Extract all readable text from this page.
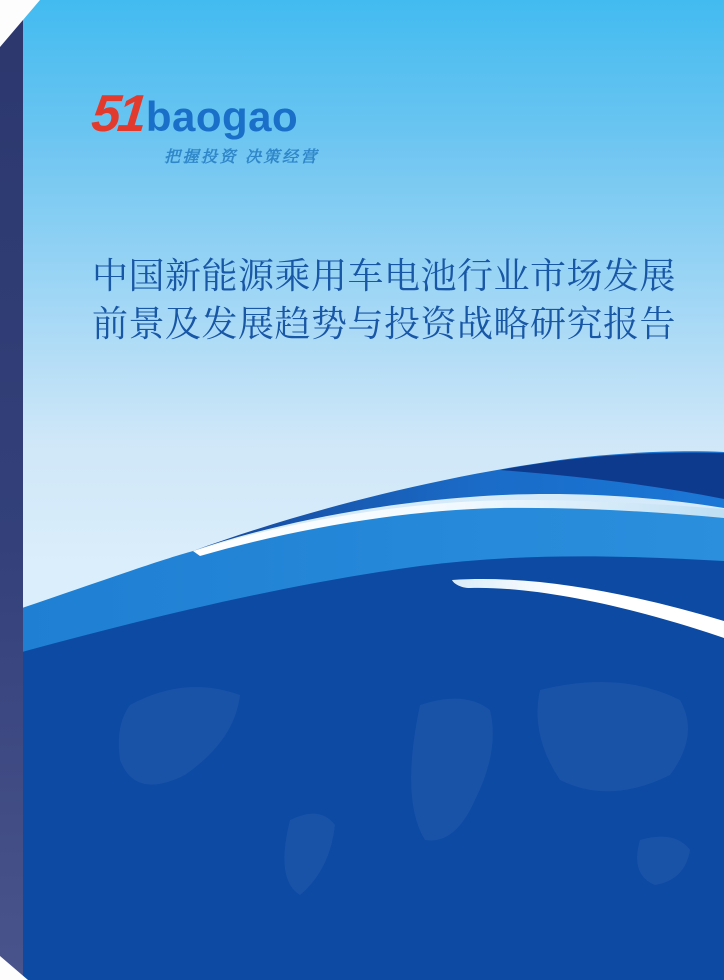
51
baogao
把握投资 决策经营
中国新能源乘用车电池行业市场发展
前景及发展趋势与投资战略研究报告
